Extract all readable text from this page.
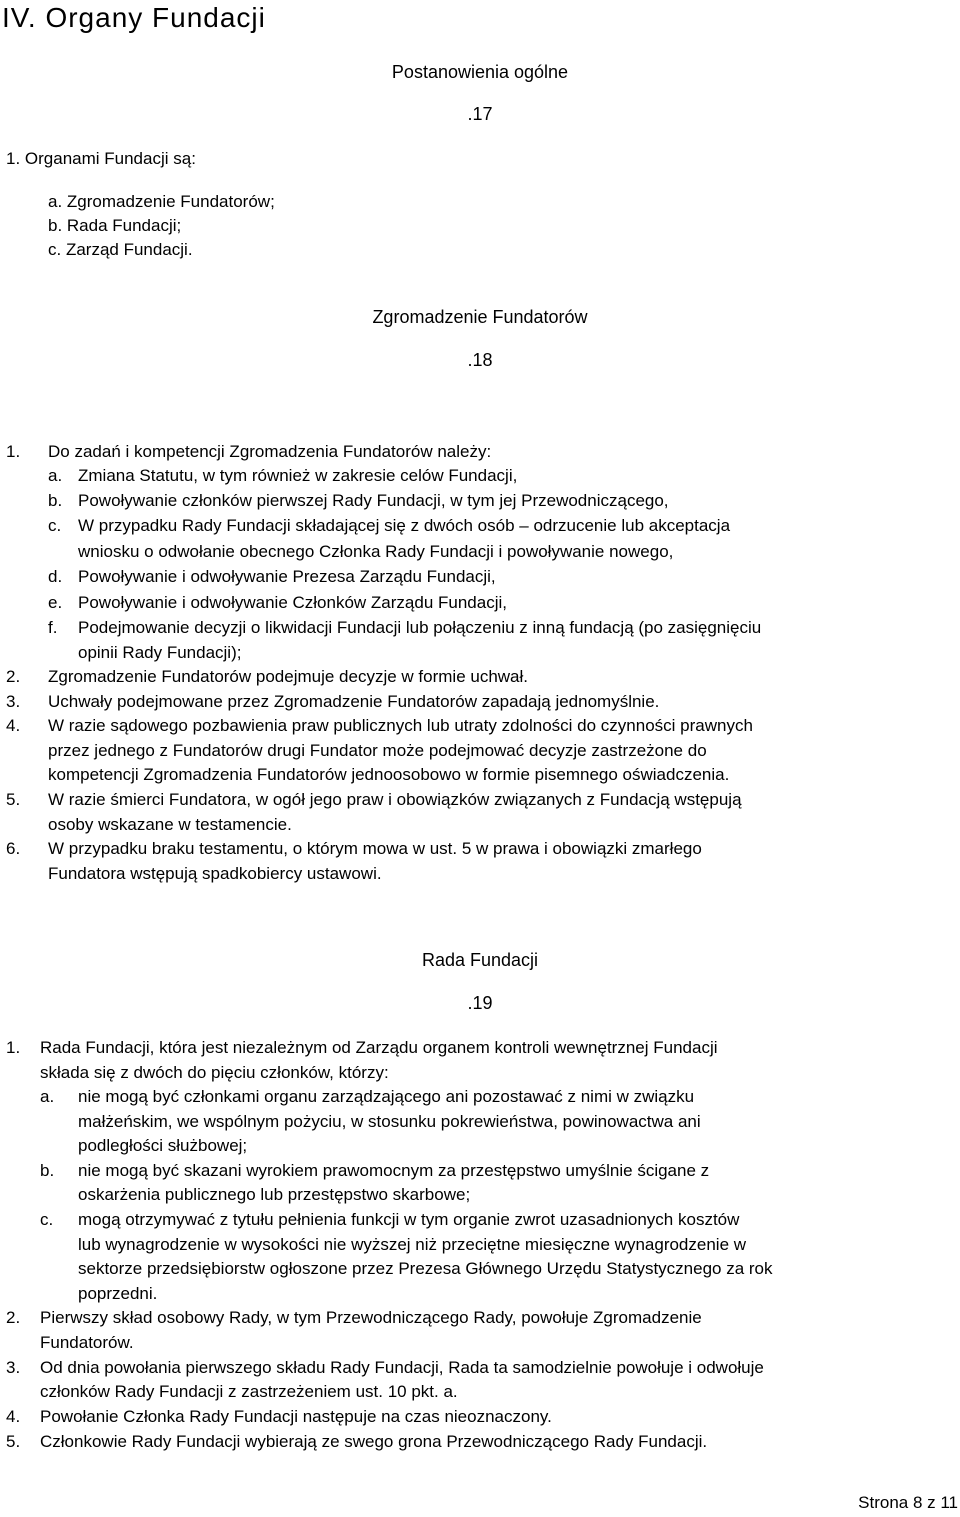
IV. Organy Fundacji
Postanowienia ogólne
.17
1. Organami Fundacji są:
a. Zgromadzenie Fundatorów;
b. Rada Fundacji;
c. Zarząd Fundacji.
Zgromadzenie Fundatorów
.18
1. Do zadań i kompetencji Zgromadzenia Fundatorów należy:
a. Zmiana Statutu, w tym również w zakresie celów Fundacji,
b. Powoływanie członków pierwszej Rady Fundacji, w tym jej Przewodniczącego,
c. W przypadku Rady Fundacji składającej się z dwóch osób – odrzucenie lub akceptacja
wniosku o odwołanie obecnego Członka Rady Fundacji i powoływanie nowego,
d. Powoływanie i odwoływanie Prezesa Zarządu Fundacji,
e. Powoływanie i odwoływanie Członków Zarządu Fundacji,
f. Podejmowanie decyzji o likwidacji Fundacji lub połączeniu z inną fundacją (po zasięgnięciu
opinii Rady Fundacji);
2. Zgromadzenie Fundatorów podejmuje decyzje w formie uchwał.
3. Uchwały podejmowane przez Zgromadzenie Fundatorów zapadają jednomyślnie.
4. W razie sądowego pozbawienia praw publicznych lub utraty zdolności do czynności prawnych
przez jednego z Fundatorów drugi Fundator może podejmować decyzje zastrzeżone do
kompetencji Zgromadzenia Fundatorów jednoosobowo w formie pisemnego oświadczenia.
5. W razie śmierci Fundatora, w ogół jego praw i obowiązków związanych z Fundacją wstępują
osoby wskazane w testamencie.
6. W przypadku braku testamentu, o którym mowa w ust. 5 w prawa i obowiązki zmarłego
Fundatora wstępują spadkobiercy ustawowi.
Rada Fundacji
.19
1. Rada Fundacji, która jest niezależnym od Zarządu organem kontroli wewnętrznej Fundacji
składa się z dwóch do pięciu członków, którzy:
a. nie mogą być członkami organu zarządzającego ani pozostawać z nimi w związku
małżeńskim, we wspólnym pożyciu, w stosunku pokrewieństwa, powinowactwa ani
podległości służbowej;
b. nie mogą być skazani wyrokiem prawomocnym za przestępstwo umyślnie ścigane z
oskarżenia publicznego lub przestępstwo skarbowe;
c. mogą otrzymywać z tytułu pełnienia funkcji w tym organie zwrot uzasadnionych kosztów
lub wynagrodzenie w wysokości nie wyższej niż przeciętne miesięczne wynagrodzenie w
sektorze przedsiębiorstw ogłoszone przez Prezesa Głównego Urzędu Statystycznego za rok
poprzedni.
2. Pierwszy skład osobowy Rady, w tym Przewodniczącego Rady, powołuje Zgromadzenie
Fundatorów.
3. Od dnia powołania pierwszego składu Rady Fundacji, Rada ta samodzielnie powołuje i odwołuje
członków Rady Fundacji z zastrzeżeniem ust. 10 pkt. a.
4. Powołanie Członka Rady Fundacji następuje na czas nieoznaczony.
5. Członkowie Rady Fundacji wybierają ze swego grona Przewodniczącego Rady Fundacji.
Strona 8 z 11
